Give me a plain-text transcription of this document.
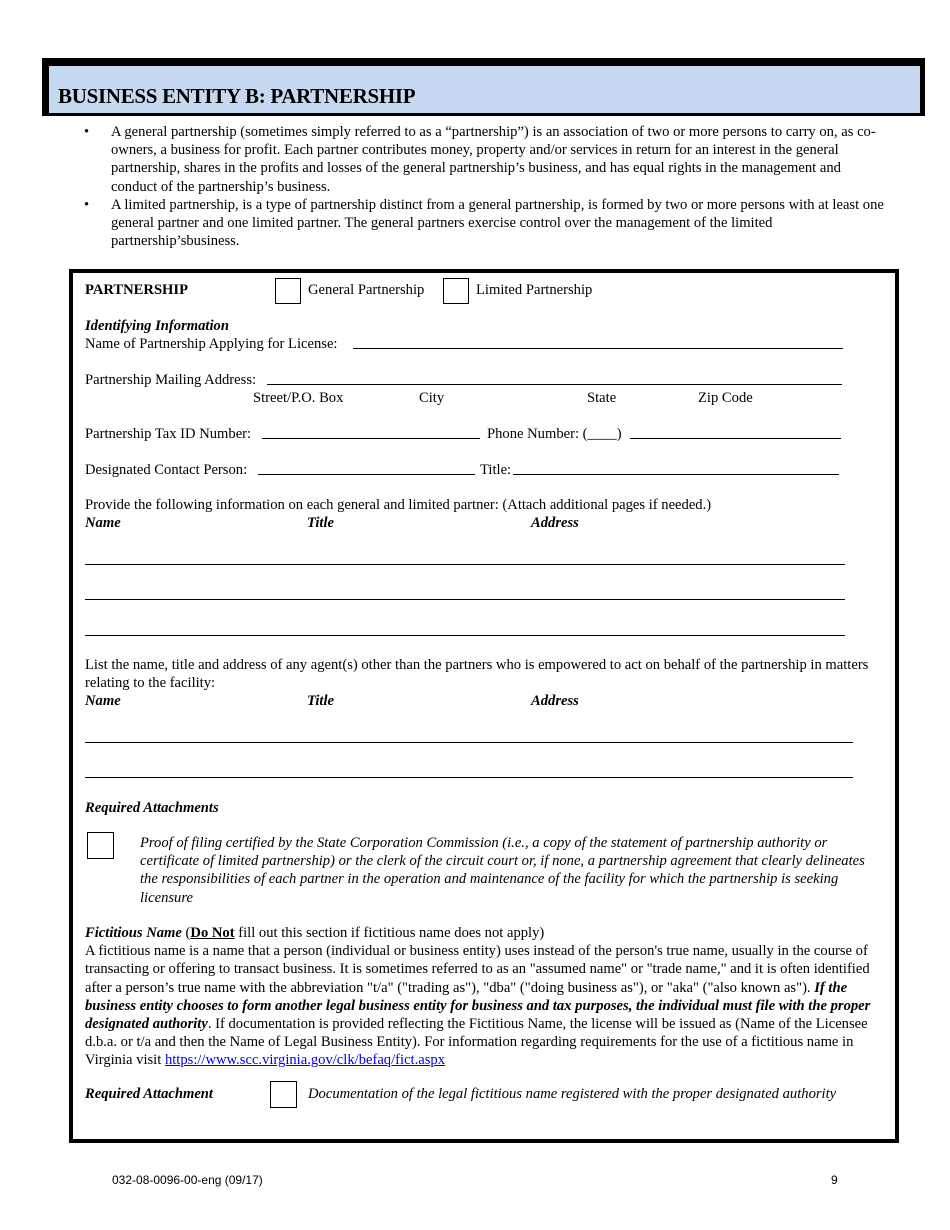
BUSINESS ENTITY B: PARTNERSHIP
• A general partnership (sometimes simply referred to as a “partnership”) is an association of two or more persons to carry on, as co-owners, a business for profit. Each partner contributes money, property and/or services in return for an interest in the general partnership, shares in the profits and losses of the general partnership’s business, and has equal rights in the management and conduct of the partnership’s business.
• A limited partnership, is a type of partnership distinct from a general partnership, is formed by two or more persons with at least one general partner and one limited partner. The general partners exercise control over the management of the limited partnership’sbusiness.
PARTNERSHIP	General Partnership	Limited Partnership
Identifying Information
Name of Partnership Applying for License:
Partnership Mailing Address:
Street/P.O. Box	City	State	Zip Code
Partnership Tax ID Number:	Phone Number: (____)
Designated Contact Person:	Title:
Provide the following information on each general and limited partner: (Attach additional pages if needed.)
Name	Title	Address
List the name, title and address of any agent(s) other than the partners who is empowered to act on behalf of the partnership in matters relating to the facility:
Name	Title	Address
Required Attachments
Proof of filing certified by the State Corporation Commission (i.e., a copy of the statement of partnership authority or certificate of limited partnership) or the clerk of the circuit court or, if none, a partnership agreement that clearly delineates the responsibilities of each partner in the operation and maintenance of the facility for which the partnership is seeking licensure
Fictitious Name (Do Not fill out this section if fictitious name does not apply)
A fictitious name is a name that a person (individual or business entity) uses instead of the person's true name, usually in the course of transacting or offering to transact business. It is sometimes referred to as an "assumed name" or "trade name," and it is often identified after a person’s true name with the abbreviation "t/a" ("trading as"), "dba" ("doing business as"), or "aka" ("also known as"). If the business entity chooses to form another legal business entity for business and tax purposes, the individual must file with the proper designated authority. If documentation is provided reflecting the Fictitious Name, the license will be issued as (Name of the Licensee d.b.a. or t/a and then the Name of Legal Business Entity). For information regarding requirements for the use of a fictitious name in Virginia visit https://www.scc.virginia.gov/clk/befaq/fict.aspx
Required Attachment	Documentation of the legal fictitious name registered with the proper designated authority
032-08-0096-00-eng (09/17)	9
